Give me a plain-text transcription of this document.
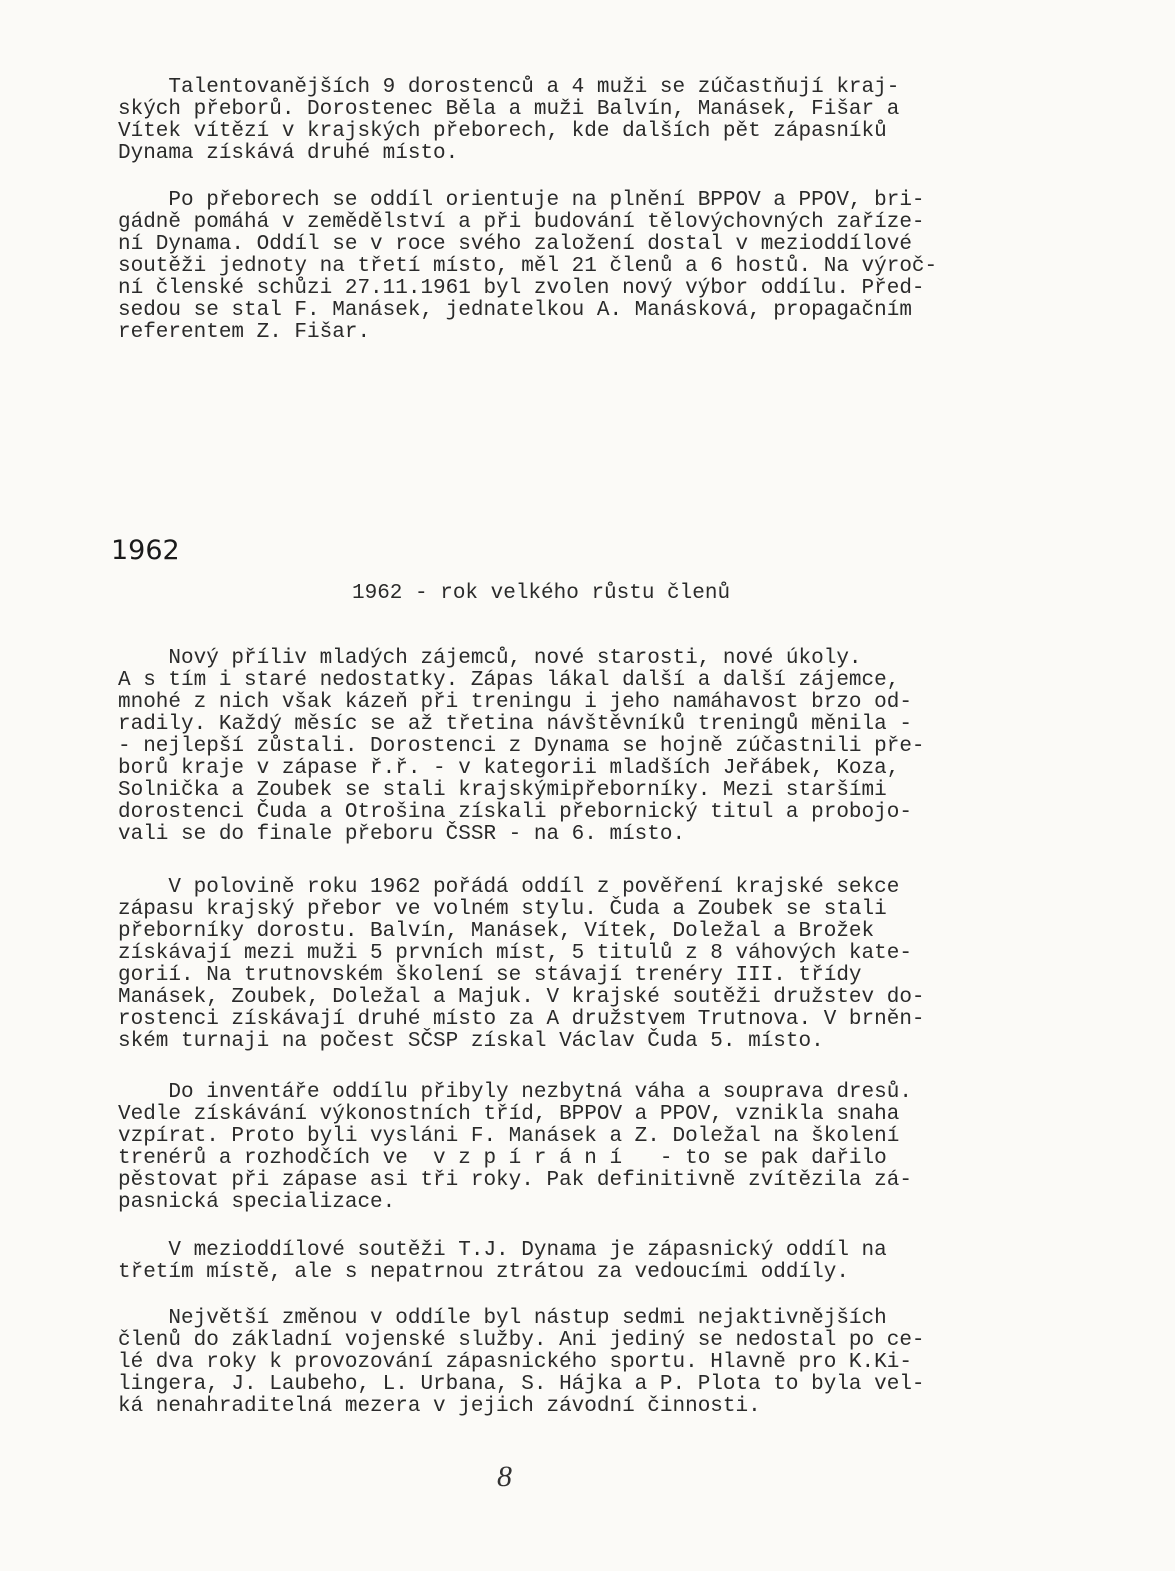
Talentovanějších 9 dorostenců a 4 muži se zúčastňují kraj-
ských přeborů. Dorostenec Běla a muži Balvín, Manásek, Fišar a
Vítek vítězí v krajských přeborech, kde dalších pět zápasníků
Dynama získává druhé místo.
Po přeborech se oddíl orientuje na plnění BPPOV a PPOV, bri-
gádně pomáhá v zemědělství a při budování tělovýchovných zaříze-
ní Dynama. Oddíl se v roce svého založení dostal v mezioddílové
soutěži jednoty na třetí místo, měl 21 členů a 6 hostů. Na výroč-
ní členské schůzi 27.11.1961 byl zvolen nový výbor oddílu. Před-
sedou se stal F. Manásek, jednatelkou A. Manásková, propagačním
referentem Z. Fišar.
1962
1962 - rok velkého růstu členů
Nový příliv mladých zájemců, nové starosti, nové úkoly.
A s tím i staré nedostatky. Zápas lákal další a další zájemce,
mnohé z nich však kázeň při treningu i jeho namáhavost brzo od-
radily. Každý měsíc se až třetina návštěvníků treningů měnila -
- nejlepší zůstali. Dorostenci z Dynama se hojně zúčastnili pře-
borů kraje v zápase ř.ř. - v kategorii mladších Jeřábek, Koza,
Solnička a Zoubek se stali krajskýmipřeborníky. Mezi staršími
dorostenci Čuda a Otrošina získali přebornický titul a probojo-
vali se do finale přeboru ČSSR - na 6. místo.
V polovině roku 1962 pořádá oddíl z pověření krajské sekce
zápasu krajský přebor ve volném stylu. Čuda a Zoubek se stali
přeborníky dorostu. Balvín, Manásek, Vítek, Doležal a Brožek
získávají mezi muži 5 prvních míst, 5 titulů z 8 váhových kate-
gorií. Na trutnovském školení se stávají trenéry III. třídy
Manásek, Zoubek, Doležal a Majuk. V krajské soutěži družstev do-
rostenci získávají druhé místo za A družstvem Trutnova. V brněn-
ském turnaji na počest SČSP získal Václav Čuda 5. místo.
Do inventáře oddílu přibyly nezbytná váha a souprava dresů.
Vedle získávání výkonostních tříd, BPPOV a PPOV, vznikla snaha
vzpírat. Proto byli vysláni F. Manásek a Z. Doležal na školení
trenérů a rozhodčích ve  v z p í r á n í   - to se pak dařilo
pěstovat při zápase asi tři roky. Pak definitivně zvítězila zá-
pasnická specializace.
V mezioddílové soutěži T.J. Dynama je zápasnický oddíl na
třetím místě, ale s nepatrnou ztrátou za vedoucími oddíly.
Největší změnou v oddíle byl nástup sedmi nejaktivnějších
členů do základní vojenské služby. Ani jediný se nedostal po ce-
lé dva roky k provozování zápasnického sportu. Hlavně pro K.Ki-
lingera, J. Laubeho, L. Urbana, S. Hájka a P. Plota to byla vel-
ká nenahraditelná mezera v jejich závodní činnosti.
8
